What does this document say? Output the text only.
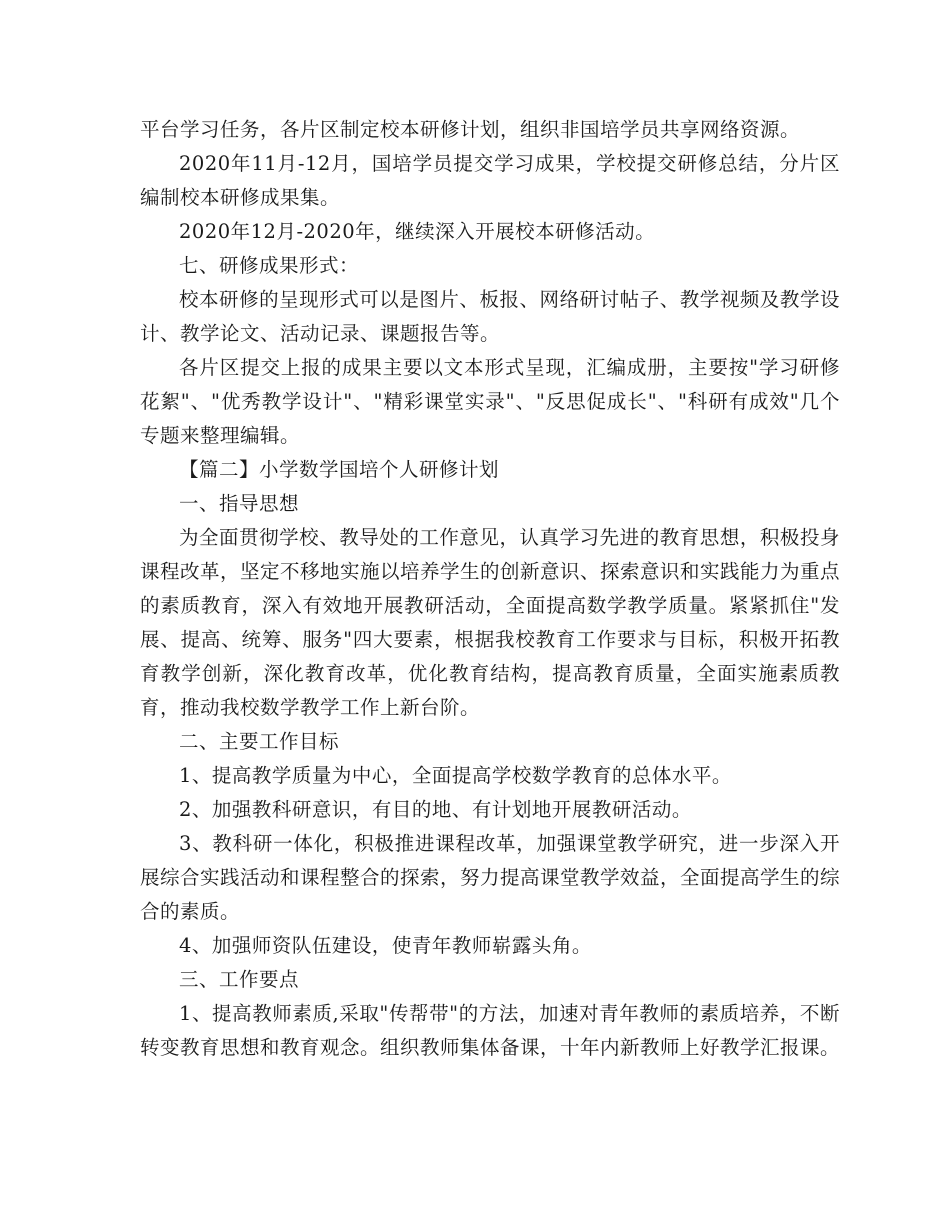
平台学习任务，各片区制定校本研修计划，组织非国培学员共享网络资源。

2020年11月-12月，国培学员提交学习成果，学校提交研修总结，分片区编制校本研修成果集。

2020年12月-2020年，继续深入开展校本研修活动。

七、研修成果形式：

校本研修的呈现形式可以是图片、板报、网络研讨帖子、教学视频及教学设计、教学论文、活动记录、课题报告等。

各片区提交上报的成果主要以文本形式呈现，汇编成册，主要按"学习研修花絮"、"优秀教学设计"、"精彩课堂实录"、"反思促成长"、"科研有成效"几个专题来整理编辑。

【篇二】小学数学国培个人研修计划

一、指导思想

为全面贯彻学校、教导处的工作意见，认真学习先进的教育思想，积极投身课程改革，坚定不移地实施以培养学生的创新意识、探索意识和实践能力为重点的素质教育，深入有效地开展教研活动，全面提高数学教学质量。紧紧抓住"发展、提高、统筹、服务"四大要素，根据我校教育工作要求与目标，积极开拓教育教学创新，深化教育改革，优化教育结构，提高教育质量，全面实施素质教育，推动我校数学教学工作上新台阶。

二、主要工作目标

1、提高教学质量为中心，全面提高学校数学教育的总体水平。

2、加强教科研意识，有目的地、有计划地开展教研活动。

3、教科研一体化，积极推进课程改革，加强课堂教学研究，进一步深入开展综合实践活动和课程整合的探索，努力提高课堂教学效益，全面提高学生的综合的素质。

4、加强师资队伍建设，使青年教师崭露头角。

三、工作要点

1、提高教师素质,采取"传帮带"的方法，加速对青年教师的素质培养，不断转变教育思想和教育观念。组织教师集体备课，十年内新教师上好教学汇报课。
